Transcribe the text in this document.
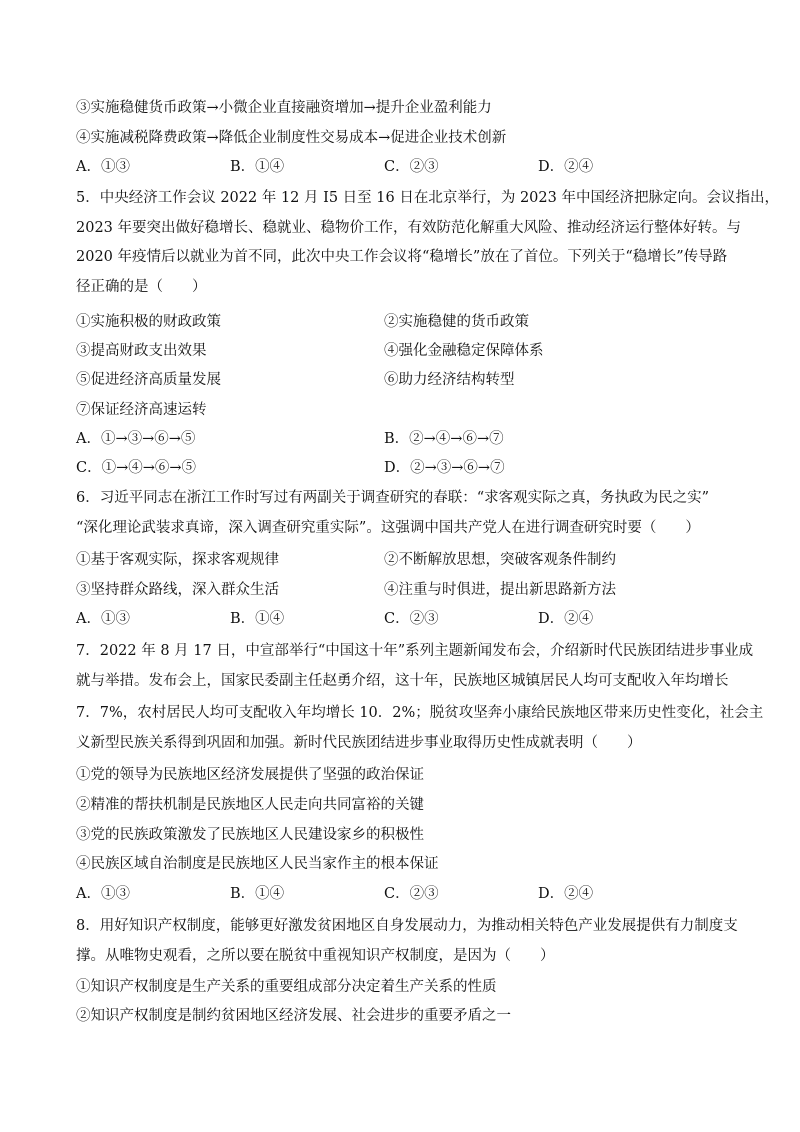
③实施稳健货币政策→小微企业直接融资增加→提升企业盈利能力
④实施减税降费政策→降低企业制度性交易成本→促进企业技术创新
A．①③	B．①④	C．②③	D．②④
5．中央经济工作会议 2022 年 12 月 I5 日至 16 日在北京举行，为 2023 年中国经济把脉定向。会议指出，
2023 年要突出做好稳增长、稳就业、稳物价工作，有效防范化解重大风险、推动经济运行整体好转。与
2020 年疫情后以就业为首不同，此次中央工作会议将“稳增长”放在了首位。下列关于“稳增长”传导路
径正确的是（　　）
①实施积极的财政政策	②实施稳健的货币政策
③提高财政支出效果	④强化金融稳定保障体系
⑤促进经济高质量发展	⑥助力经济结构转型
⑦保证经济高速运转
A．①→③→⑥→⑤	B．②→④→⑥→⑦
C．①→④→⑥→⑤	D．②→③→⑥→⑦
6．习近平同志在浙江工作时写过有两副关于调查研究的春联：“求客观实际之真，务执政为民之实”
“深化理论武装求真谛，深入调查研究重实际”。这强调中国共产党人在进行调查研究时要（　　）
①基于客观实际，探求客观规律	②不断解放思想，突破客观条件制约
③坚持群众路线，深入群众生活	④注重与时俱进，提出新思路新方法
A．①③	B．①④	C．②③	D．②④
7．2022 年 8 月 17 日，中宣部举行“中国这十年”系列主题新闻发布会，介绍新时代民族团结进步事业成
就与举措。发布会上，国家民委副主任赵勇介绍，这十年，民族地区城镇居民人均可支配收入年均增长
7．7%，农村居民人均可支配收入年均增长 10．2%；脱贫攻坚奔小康给民族地区带来历史性变化，社会主
义新型民族关系得到巩固和加强。新时代民族团结进步事业取得历史性成就表明（　　）
①党的领导为民族地区经济发展提供了坚强的政治保证
②精准的帮扶机制是民族地区人民走向共同富裕的关键
③党的民族政策激发了民族地区人民建设家乡的积极性
④民族区域自治制度是民族地区人民当家作主的根本保证
A．①③	B．①④	C．②③	D．②④
8．用好知识产权制度，能够更好激发贫困地区自身发展动力，为推动相关特色产业发展提供有力制度支
撑。从唯物史观看，之所以要在脱贫中重视知识产权制度，是因为（　　）
①知识产权制度是生产关系的重要组成部分决定着生产关系的性质
②知识产权制度是制约贫困地区经济发展、社会进步的重要矛盾之一
